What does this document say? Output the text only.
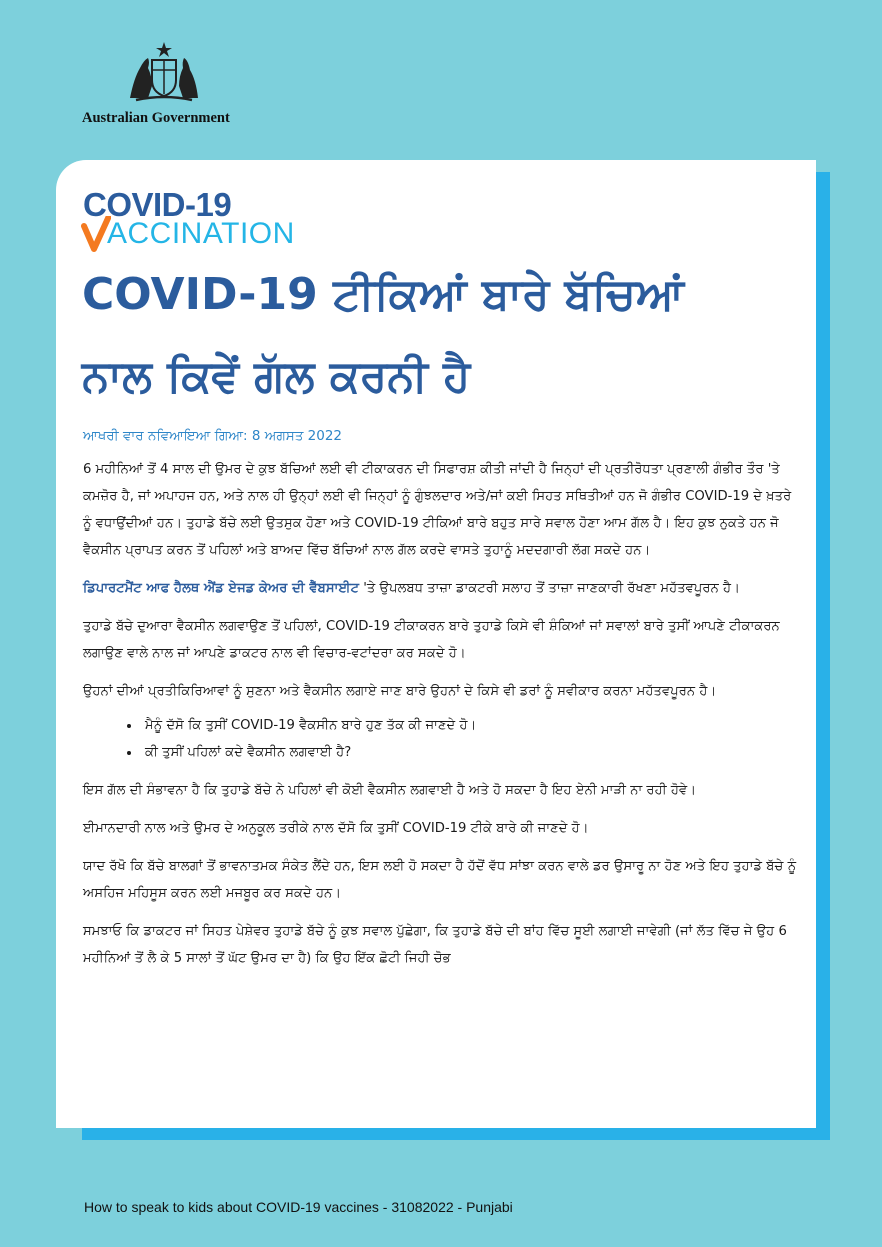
Australian Government
COVID-19
ACCINATION
COVID-19 ਟੀਕਿਆਂ ਬਾਰੇ ਬੱਚਿਆਂ
ਨਾਲ ਕਿਵੇਂ ਗੱਲ ਕਰਨੀ ਹੈ
ਆਖਰੀ ਵਾਰ ਨਵਿਆਇਆ ਗਿਆ: 8 ਅਗਸਤ 2022

6 ਮਹੀਨਿਆਂ ਤੋਂ 4 ਸਾਲ ਦੀ ਉਮਰ ਦੇ ਕੁਝ ਬੱਚਿਆਂ ਲਈ ਵੀ ਟੀਕਾਕਰਨ ਦੀ ਸਿਫਾਰਸ਼ ਕੀਤੀ ਜਾਂਦੀ ਹੈ ਜਿਨ੍ਹਾਂ ਦੀ ਪ੍ਰਤੀਰੋਧਤਾ ਪ੍ਰਣਾਲੀ ਗੰਭੀਰ ਤੌਰ 'ਤੇ ਕਮਜ਼ੋਰ ਹੈ, ਜਾਂ ਅਪਾਹਜ ਹਨ, ਅਤੇ ਨਾਲ ਹੀ ਉਨ੍ਹਾਂ ਲਈ ਵੀ ਜਿਨ੍ਹਾਂ ਨੂੰ ਗੁੰਝਲਦਾਰ ਅਤੇ/ਜਾਂ ਕਈ ਸਿਹਤ ਸਥਿਤੀਆਂ ਹਨ ਜੋ ਗੰਭੀਰ COVID-19 ਦੇ ਖ਼ਤਰੇ ਨੂੰ ਵਧਾਉਂਦੀਆਂ ਹਨ। ਤੁਹਾਡੇ ਬੱਚੇ ਲਈ ਉਤਸੁਕ ਹੋਣਾ ਅਤੇ COVID-19 ਟੀਕਿਆਂ ਬਾਰੇ ਬਹੁਤ ਸਾਰੇ ਸਵਾਲ ਹੋਣਾ ਆਮ ਗੱਲ ਹੈ। ਇਹ ਕੁਝ ਨੁਕਤੇ ਹਨ ਜੋ ਵੈਕਸੀਨ ਪ੍ਰਾਪਤ ਕਰਨ ਤੋਂ ਪਹਿਲਾਂ ਅਤੇ ਬਾਅਦ ਵਿੱਚ ਬੱਚਿਆਂ ਨਾਲ ਗੱਲ ਕਰਦੇ ਵਾਸਤੇ ਤੁਹਾਨੂੰ ਮਦਦਗਾਰੀ ਲੱਗ ਸਕਦੇ ਹਨ।

ਡਿਪਾਰਟਮੈਂਟ ਆਫ ਹੈਲਥ ਐਂਡ ਏਜਡ ਕੇਅਰ ਦੀ ਵੈੱਬਸਾਈਟ 'ਤੇ ਉਪਲਬਧ ਤਾਜ਼ਾ ਡਾਕਟਰੀ ਸਲਾਹ ਤੋਂ ਤਾਜ਼ਾ ਜਾਣਕਾਰੀ ਰੱਖਣਾ ਮਹੱਤਵਪੂਰਨ ਹੈ।

ਤੁਹਾਡੇ ਬੱਚੇ ਦੁਆਰਾ ਵੈਕਸੀਨ ਲਗਵਾਉਣ ਤੋਂ ਪਹਿਲਾਂ, COVID-19 ਟੀਕਾਕਰਨ ਬਾਰੇ ਤੁਹਾਡੇ ਕਿਸੇ ਵੀ ਸ਼ੰਕਿਆਂ ਜਾਂ ਸਵਾਲਾਂ ਬਾਰੇ ਤੁਸੀਂ ਆਪਣੇ ਟੀਕਾਕਰਨ ਲਗਾਉਣ ਵਾਲੇ ਨਾਲ ਜਾਂ ਆਪਣੇ ਡਾਕਟਰ ਨਾਲ ਵੀ ਵਿਚਾਰ-ਵਟਾਂਦਰਾ ਕਰ ਸਕਦੇ ਹੋ।

ਉਹਨਾਂ ਦੀਆਂ ਪ੍ਰਤੀਕਿਰਿਆਵਾਂ ਨੂੰ ਸੁਣਨਾ ਅਤੇ ਵੈਕਸੀਨ ਲਗਾਏ ਜਾਣ ਬਾਰੇ ਉਹਨਾਂ ਦੇ ਕਿਸੇ ਵੀ ਡਰਾਂ ਨੂੰ ਸਵੀਕਾਰ ਕਰਨਾ ਮਹੱਤਵਪੂਰਨ ਹੈ।

• ਮੈਨੂੰ ਦੱਸੋ ਕਿ ਤੁਸੀਂ COVID-19 ਵੈਕਸੀਨ ਬਾਰੇ ਹੁਣ ਤੱਕ ਕੀ ਜਾਣਦੇ ਹੋ।
• ਕੀ ਤੁਸੀਂ ਪਹਿਲਾਂ ਕਦੇ ਵੈਕਸੀਨ ਲਗਵਾਈ ਹੈ?

ਇਸ ਗੱਲ ਦੀ ਸੰਭਾਵਨਾ ਹੈ ਕਿ ਤੁਹਾਡੇ ਬੱਚੇ ਨੇ ਪਹਿਲਾਂ ਵੀ ਕੋਈ ਵੈਕਸੀਨ ਲਗਵਾਈ ਹੈ ਅਤੇ ਹੋ ਸਕਦਾ ਹੈ ਇਹ ਏਨੀ ਮਾੜੀ ਨਾ ਰਹੀ ਹੋਵੇ।

ਈਮਾਨਦਾਰੀ ਨਾਲ ਅਤੇ ਉਮਰ ਦੇ ਅਨੁਕੂਲ ਤਰੀਕੇ ਨਾਲ ਦੱਸੋ ਕਿ ਤੁਸੀਂ COVID-19 ਟੀਕੇ ਬਾਰੇ ਕੀ ਜਾਣਦੇ ਹੋ।

ਯਾਦ ਰੱਖੋ ਕਿ ਬੱਚੇ ਬਾਲਗਾਂ ਤੋਂ ਭਾਵਨਾਤਮਕ ਸੰਕੇਤ ਲੈਂਦੇ ਹਨ, ਇਸ ਲਈ ਹੋ ਸਕਦਾ ਹੈ ਹੱਦੋਂ ਵੱਧ ਸਾਂਝਾ ਕਰਨ ਵਾਲੇ ਡਰ ਉਸਾਰੂ ਨਾ ਹੋਣ ਅਤੇ ਇਹ ਤੁਹਾਡੇ ਬੱਚੇ ਨੂੰ ਅਸਹਿਜ ਮਹਿਸੂਸ ਕਰਨ ਲਈ ਮਜਬੂਰ ਕਰ ਸਕਦੇ ਹਨ।

ਸਮਝਾਓ ਕਿ ਡਾਕਟਰ ਜਾਂ ਸਿਹਤ ਪੇਸ਼ੇਵਰ ਤੁਹਾਡੇ ਬੱਚੇ ਨੂੰ ਕੁਝ ਸਵਾਲ ਪੁੱਛੇਗਾ, ਕਿ ਤੁਹਾਡੇ ਬੱਚੇ ਦੀ ਬਾਂਹ ਵਿੱਚ ਸੂਈ ਲਗਾਈ ਜਾਵੇਗੀ (ਜਾਂ ਲੱਤ ਵਿੱਚ ਜੇ ਉਹ 6 ਮਹੀਨਿਆਂ ਤੋਂ ਲੈ ਕੇ 5 ਸਾਲਾਂ ਤੋਂ ਘੱਟ ਉਮਰ ਦਾ ਹੈ) ਕਿ ਉਹ ਇੱਕ ਛੋਟੀ ਜਿਹੀ ਚੋਭ

How to speak to kids about COVID-19 vaccines - 31082022 - Punjabi
